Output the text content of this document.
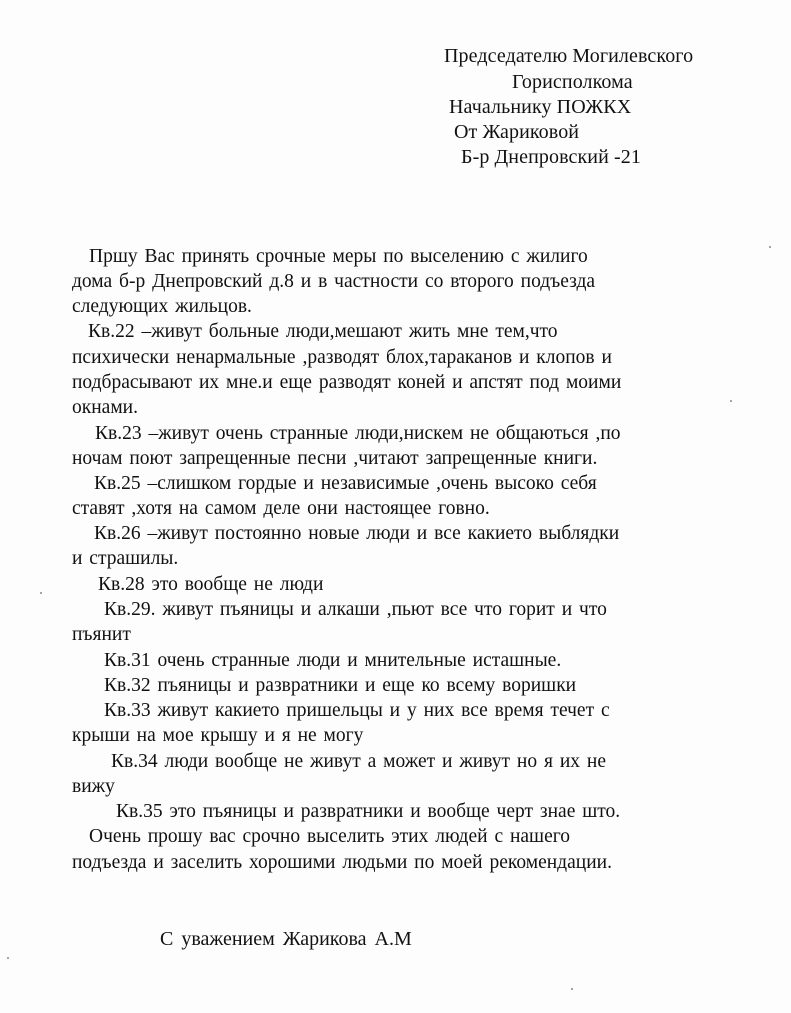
Председателю Могилевского
Горисполкома
Начальнику ПОЖКХ
От Жариковой
Б-р Днепровский -21
Пршу Вас принять срочные меры по выселению с жилиго
дома б-р Днепровский д.8 и в частности со второго подъезда
следующих жильцов.
Кв.22 –живут больные люди,мешают жить мне тем,что
психически ненармальные ,разводят блох,тараканов и клопов и
подбрасывают их мне.и еще разводят коней и апстят под моими
окнами.
Кв.23 –живут очень странные люди,нискем не общаються ,по
ночам поют запрещенные песни ,читают запрещенные книги.
Кв.25 –слишком гордые и независимые ,очень высоко себя
ставят ,хотя на самом деле они настоящее говно.
Кв.26 –живут постоянно новые люди и все какието выблядки
и страшилы.
Кв.28 это вообще не люди
Кв.29. живут пъяницы и алкаши ,пьют все что горит и что
пъянит
Кв.31 очень странные люди и мнительные исташные.
Кв.32 пъяницы и развратники и еще ко всему воришки
Кв.33 живут какието пришельцы и у них все время течет с
крыши на мое крышу и я не могу
Кв.34 люди вообще не живут а может и живут но я их не
вижу
Кв.35 это пъяницы и развратники и вообще черт знае што.
Очень прошу вас срочно выселить этих людей с нашего
подъезда и заселить хорошими людьми по моей рекомендации.
С уважением Жарикова А.М
